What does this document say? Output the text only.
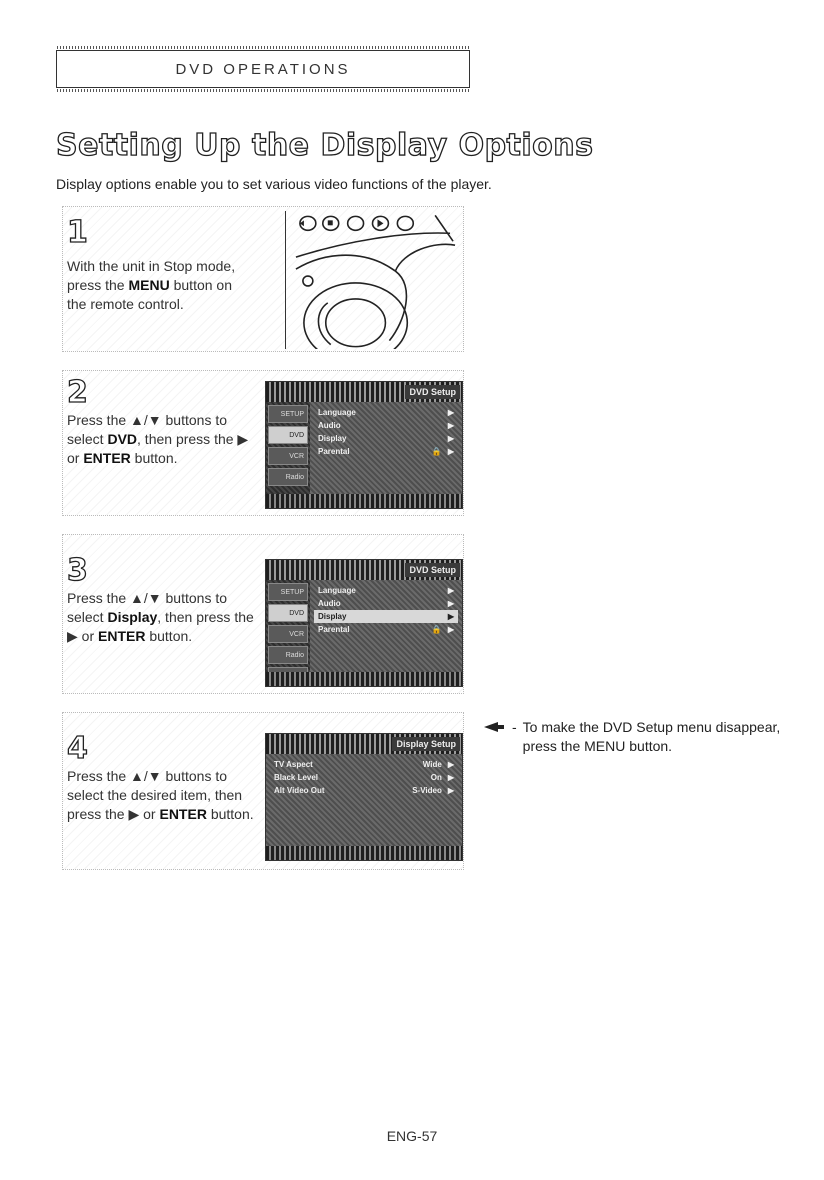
DVD OPERATIONS
Setting Up the Display Options
Display options enable you to set various video functions of the player.
1
With the unit in Stop mode, press the MENU button on the remote control.
2
Press the ▲/▼ buttons to select DVD, then press the ▶ or ENTER button.
DVD Setup
SETUP
DVD
VCR
Radio
Language	▶
Audio	▶
Display	▶
Parental	🔒 ▶
3
Press the ▲/▼ buttons to select Display, then press the ▶ or ENTER button.
DVD Setup
SETUP
DVD
VCR
Radio
Language	▶
Audio	▶
Display	▶
Parental	🔒 ▶
4
Press the ▲/▼ buttons to select the desired item, then press the ▶ or ENTER button.
Display Setup
TV Aspect	Wide ▶
Black Level	On ▶
Alt Video Out	S-Video ▶
- To make the DVD Setup menu disappear, press the MENU button.
ENG-57
